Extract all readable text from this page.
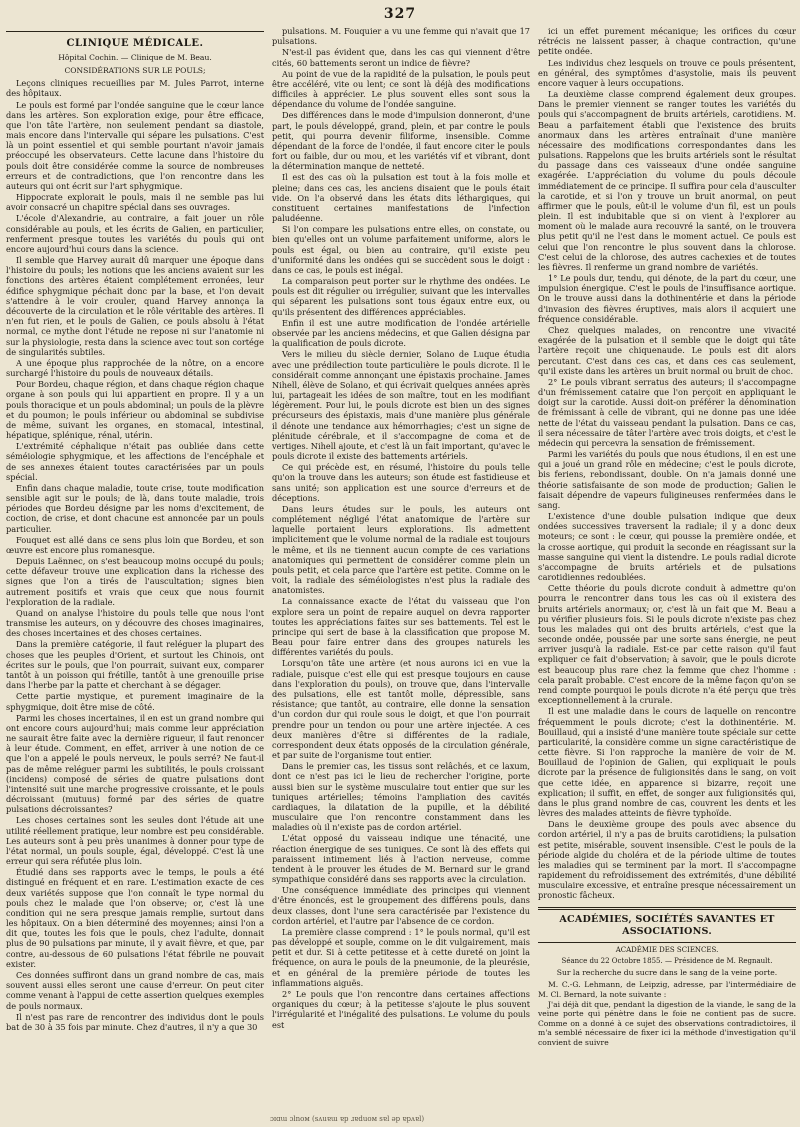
327
CLINIQUE MÉDICALE.
Hôpital Cochin. — Clinique de M. Beau.
CONSIDÉRATIONS SUR LE POULS;

Leçons cliniques recueillies par M. Jules Parrot, interne des hôpitaux.

Le pouls est formé par l'ondée sanguine que le cœur lance dans les artères. Son exploration exige, pour être efficace, que l'on tâte l'artère, non seulement pendant sa diastole, mais encore dans l'intervalle qui sépare les pulsations. C'est là un point essentiel et qui semble pourtant n'avoir jamais préoccupé les observateurs. Cette lacune dans l'histoire du pouls doit être considérée comme la source de nombreuses erreurs et de contradictions, que l'on rencontre dans les auteurs qui ont écrit sur l'art sphygmique.

Hippocrate explorait le pouls, mais il ne semble pas lui avoir consacré un chapitre spécial dans ses ouvrages.

L'école d'Alexandrie, au contraire, a fait jouer un rôle considérable au pouls, et les écrits de Galien, en particulier, renferment presque toutes les variétés du pouls qui ont encore aujourd'hui cours dans la science.

Il semble que Harvey aurait dû marquer une époque dans l'histoire du pouls; les notions que les anciens avaient sur les fonctions des artères étaient complétement erronées, leur édifice sphygmique péchait donc par la base, et l'on devait s'attendre à le voir crouler, quand Harvey annonça la découverte de la circulation et le rôle véritable des artères. Il n'en fut rien, et le pouls de Galien, ce pouls absolu à l'état normal, ce mythe dont l'étude ne repose ni sur l'anatomie ni sur la physiologie, resta dans la science avec tout son cortége de singularités subtiles.

A une époque plus rapprochée de la nôtre, on a encore surchargé l'histoire du pouls de nouveaux détails.

Pour Bordeu, chaque région, et dans chaque région chaque organe à son pouls qui lui appartient en propre. Il y a un pouls thoracique et un pouls abdominal; un pouls de la plèvre et du poumon; le pouls inférieur ou abdominal se subdivise de même, suivant les organes, en stomacal, intestinal, hépatique, splénique, rénal, utérin.

L'extrémité céphalique n'était pas oubliée dans cette séméiologie sphygmique, et les affections de l'encéphale et de ses annexes étaient toutes caractérisées par un pouls spécial.

Enfin dans chaque maladie, toute crise, toute modification sensible agit sur le pouls; de là, dans toute maladie, trois périodes que Bordeu désigne par les noms d'excitement, de coction, de crise, et dont chacune est annoncée par un pouls particulier.

Fouquet est allé dans ce sens plus loin que Bordeu, et son œuvre est encore plus romanesque.

Depuis Laënnec, on s'est beaucoup moins occupé du pouls; cette défaveur trouve une explication dans la richesse des signes que l'on a tirés de l'auscultation; signes bien autrement positifs et vrais que ceux que nous fournit l'exploration de la radiale.

Quand on analyse l'histoire du pouls telle que nous l'ont transmise les auteurs, on y découvre des choses imaginaires, des choses incertaines et des choses certaines.

Dans la première catégorie, il faut reléguer la plupart des choses que les peuples d'Orient, et surtout les Chinois, ont écrites sur le pouls, que l'on pourrait, suivant eux, comparer tantôt à un poisson qui frétille, tantôt à une grenouille prise dans l'herbe par la patte et cherchant à se dégager.

Cette partie mystique, et purement imaginaire de la sphygmique, doit être mise de côté.

Parmi les choses incertaines, il en est un grand nombre qui ont encore cours aujourd'hui; mais comme leur appréciation ne saurait être faite avec la dernière rigueur, il faut renoncer à leur étude. Comment, en effet, arriver à une notion de ce que l'on a appelé le pouls nerveux, le pouls serré? Ne faut-il pas de même reléguer parmi les subtilités, le pouls croissant (incidens) composé de séries de quatre pulsations dont l'intensité suit une marche progressive croissante, et le pouls décroissant (mutuus) formé par des séries de quatre pulsations décroissantes?

Les choses certaines sont les seules dont l'étude ait une utilité réellement pratique, leur nombre est peu considérable. Les auteurs sont à peu près unanimes à donner pour type de l'état normal, un pouls souple, égal, développé. C'est là une erreur qui sera réfutée plus loin.

Étudié dans ses rapports avec le temps, le pouls a été distingué en fréquent et en rare. L'estimation exacte de ces deux variétés suppose que l'on connaît le type normal du pouls chez le malade que l'on observe; or, c'est là une condition qui ne sera presque jamais remplie, surtout dans les hôpitaux. On a bien déterminé des moyennes; ainsi l'on a dit que, toutes les fois que le pouls, chez l'adulte, donnait plus de 90 pulsations par minute, il y avait fièvre, et que, par contre, au-dessous de 60 pulsations l'état fébrile ne pouvait exister.

Ces données suffiront dans un grand nombre de cas, mais souvent aussi elles seront une cause d'erreur. On peut citer comme venant à l'appui de cette assertion quelques exemples de pouls normaux.

Il n'est pas rare de rencontrer des individus dont le pouls bat de 30 à 35 fois par minute. Chez d'autres, il n'y a que 30

pulsations. M. Fouquier a vu une femme qui n'avait que 17 pulsations.

N'est-il pas évident que, dans les cas qui viennent d'être cités, 60 battements seront un indice de fièvre?

Au point de vue de la rapidité de la pulsation, le pouls peut être accéléré, vite ou lent; ce sont là déjà des modifications difficiles à apprécier. Le plus souvent elles sont sous la dépendance du volume de l'ondée sanguine.

Des différences dans le mode d'impulsion donneront, d'une part, le pouls développé, grand, plein, et par contre le pouls petit, qui pourra devenir filiforme, insensible. Comme dépendant de la force de l'ondée, il faut encore citer le pouls fort ou faible, dur ou mou, et les variétés vif et vibrant, dont la détermination manque de netteté.

Il est des cas où la pulsation est tout à la fois molle et pleine; dans ces cas, les anciens disaient que le pouls était vide. On l'a observé dans les états dits léthargiques, qui constituent certaines manifestations de l'infection paludéenne.

Si l'on compare les pulsations entre elles, on constate, ou bien qu'elles ont un volume parfaitement uniforme, alors le pouls est égal, ou bien au contraire, qu'il existe peu d'uniformité dans les ondées qui se succèdent sous le doigt : dans ce cas, le pouls est inégal.

La comparaison peut porter sur le rhythme des ondées. Le pouls est dit régulier ou irrégulier, suivant que les intervalles qui séparent les pulsations sont tous égaux entre eux, ou qu'ils présentent des différences appréciables.

Enfin il est une autre modification de l'ondée artérielle observée par les anciens médecins, et que Galien désigna par la qualification de pouls dicrote.

Vers le milieu du siècle dernier, Solano de Luque étudia avec une prédilection toute particulière le pouls dicrote. Il le considérait comme annonçant une épistaxis prochaine. James Nihell, élève de Solano, et qui écrivait quelques années après lui, partageait les idées de son maître, tout en les modifiant légèrement. Pour lui, le pouls dicrote est bien un des signes précurseurs des épistaxis, mais d'une manière plus générale il dénote une tendance aux hémorrhagies; c'est un signe de plénitude cérébrale, et il s'accompagne de coma et de vertiges. Nihell ajoute, et c'est là un fait important, qu'avec le pouls dicrote il existe des battements artériels.

Ce qui précède est, en résumé, l'histoire du pouls telle qu'on la trouve dans les auteurs; son étude est fastidieuse et sans unité; son application est une source d'erreurs et de déceptions.

Dans leurs études sur le pouls, les auteurs ont complétement négligé l'état anatomique de l'artère sur laquelle portaient leurs explorations. Ils admettent implicitement que le volume normal de la radiale est toujours le même, et ils ne tiennent aucun compte de ces variations anatomiques qui permettent de considérer comme plein un pouls petit, et cela parce que l'artère est petite. Comme on le voit, la radiale des séméiologistes n'est plus la radiale des anatomistes.

La connaissance exacte de l'état du vaisseau que l'on explore sera un point de repaire auquel on devra rapporter toutes les appréciations faites sur ses battements. Tel est le principe qui sert de base à la classification que propose M. Beau pour faire entrer dans des groupes naturels les différentes variétés du pouls.

Lorsqu'on tâte une artère (et nous aurons ici en vue la radiale, puisque c'est elle qui est presque toujours en cause dans l'exploration du pouls), on trouve que, dans l'intervalle des pulsations, elle est tantôt molle, dépressible, sans résistance; que tantôt, au contraire, elle donne la sensation d'un cordon dur qui roule sous le doigt, et que l'on pourrait prendre pour un tendon ou pour une artère injectée. A ces deux manières d'être si différentes de la radiale, correspondent deux états opposés de la circulation générale, et par suite de l'organisme tout entier.

Dans le premier cas, les tissus sont relâchés, et ce laxum, dont ce n'est pas ici le lieu de rechercher l'origine, porte aussi bien sur le système musculaire tout entier que sur les tuniques artérielles; témoins l'ampliation des cavités cardiaques, la dilatation de la pupille, et la débilité musculaire que l'on rencontre constamment dans les maladies où il n'existe pas de cordon artériel.

L'état opposé du vaisseau indique une ténacité, une réaction énergique de ses tuniques. Ce sont là des effets qui paraissent intimement liés à l'action nerveuse, comme tendent à le prouver les études de M. Bernard sur le grand sympathique considéré dans ses rapports avec la circulation.

Une conséquence immédiate des principes qui viennent d'être énoncés, est le groupement des différens pouls, dans deux classes, dont l'une sera caractérisée par l'existence du cordon artériel, et l'autre par l'absence de ce cordon.

La première classe comprend : 1° le pouls normal, qu'il est pas développé et souple, comme on le dit vulgairement, mais petit et dur. Si à cette petitesse et à cette dureté on joint la fréquence, on aura le pouls de la pneumonie, de la pleurésie, et en général de la première période de toutes les inflammations aiguës.

2° Le pouls que l'on rencontre dans certaines affections organiques du cœur; à la petitesse s'ajoute le plus souvent l'irrégularité et l'inégalité des pulsations. Le volume du pouls est

ici un effet purement mécanique; les orifices du cœur rétrécis ne laissent passer, à chaque contraction, qu'une petite ondée.

Les individus chez lesquels on trouve ce pouls présentent, en général, des symptômes d'asystolie, mais ils peuvent encore vaquer à leurs occupations.

La deuxième classe comprend également deux groupes. Dans le premier viennent se ranger toutes les variétés du pouls qui s'accompagnent de bruits artériels, carotidiens. M. Beau a parfaitement établi que l'existence des bruits anormaux dans les artères entraînait d'une manière nécessaire des modifications correspondantes dans les pulsations. Rappelons que les bruits artériels sont le résultat du passage dans ces vaisseaux d'une ondée sanguine exagérée. L'appréciation du volume du pouls découle immédiatement de ce principe. Il suffira pour cela d'ausculter la carotide, et si l'on y trouve un bruit anormal, on peut affirmer que le pouls, eût-il le volume d'un fil, est un pouls plein. Il est indubitable que si on vient à l'explorer au moment où le malade aura recouvré la santé, on le trouvera plus petit qu'il ne l'est dans le moment actuel. Ce pouls est celui que l'on rencontre le plus souvent dans la chlorose. C'est celui de la chlorose, des autres cachexies et de toutes les fièvres. Il renferme un grand nombre de variétés.

1° Le pouls dur, tendu, qui dénote, de la part du cœur, une impulsion énergique. C'est le pouls de l'insuffisance aortique. On le trouve aussi dans la dothinentérie et dans la période d'invasion des fièvres éruptives, mais alors il acquiert une fréquence considérable.

Chez quelques malades, on rencontre une vivacité exagérée de la pulsation et il semble que le doigt qui tâte l'artère reçoit une chiquenaude. Le pouls est dit alors percutant. C'est dans ces cas, et dans ces cas seulement, qu'il existe dans les artères un bruit normal ou bruit de choc.

2° Le pouls vibrant serratus des auteurs; il s'accompagne d'un frémissement cataire que l'on perçoit en appliquant le doigt sur la carotide. Aussi doit-on préférer la dénomination de frémissant à celle de vibrant, qui ne donne pas une idée nette de l'état du vaisseau pendant la pulsation. Dans ce cas, il sera nécessaire de tâter l'artère avec trois doigts, et c'est le médecin qui percevra la sensation de frémissement.

Parmi les variétés du pouls que nous étudions, il en est une qui a joué un grand rôle en médecine; c'est le pouls dicrote, bis feriens, rebondissant, double. On n'a jamais donné une théorie satisfaisante de son mode de production; Galien le faisait dépendre de vapeurs fuligineuses renfermées dans le sang.

L'existence d'une double pulsation indique que deux ondées successives traversent la radiale; il y a donc deux moteurs; ce sont : le cœur, qui pousse la première ondée, et la crosse aortique, qui produit la seconde en réagissant sur la masse sanguine qui vient la distendre. Le pouls radial dicrote s'accompagne de bruits artériels et de pulsations carotidiennes redoublées.

Cette théorie du pouls dicrote conduit à admettre qu'on pourra le rencontrer dans tous les cas où il existera des bruits artériels anormaux; or, c'est là un fait que M. Beau a pu vérifier plusieurs fois. Si le pouls dicrote n'existe pas chez tous les malades qui ont des bruits artériels, c'est que la seconde ondée, poussée par une sorte sans énergie, ne peut arriver jusqu'à la radiale. Est-ce par cette raison qu'il faut expliquer ce fait d'observation; à savoir, que le pouls dicrote est beaucoup plus rare chez la femme que chez l'homme : cela paraît probable. C'est encore de la même façon qu'on se rend compte pourquoi le pouls dicrote n'a été perçu que très exceptionnellement à la crurale.

Il est une maladie dans le cours de laquelle on rencontre fréquemment le pouls dicrote; c'est la dothinentérie. M. Bouillaud, qui a insisté d'une manière toute spéciale sur cette particularité, la considère comme un signe caractéristique de cette fièvre. Si l'on rapproche la manière de voir de M. Bouillaud de l'opinion de Galien, qui expliquait le pouls dicrote par la présence de fuligionsités dans le sang, on voit que cette idée, en apparence si bizarre, reçoit une explication; il suffit, en effet, de songer aux fuligionsités qui, dans le plus grand nombre de cas, couvrent les dents et les lèvres des malades atteints de fièvre typhoïde.

Dans le deuxième groupe des pouls avec absence du cordon artériel, il n'y a pas de bruits carotidiens; la pulsation est petite, misérable, souvent insensible. C'est le pouls de la période algide du choléra et de la période ultime de toutes les maladies qui se terminent par la mort. Il s'accompagne rapidement du refroidissement des extrémités, d'une débilité musculaire excessive, et entraîne presque nécessairement un pronostic fâcheux.

ACADÉMIES, SOCIÉTÉS SAVANTES ET ASSOCIATIONS.
ACADÉMIE DES SCIENCES.
Séance du 22 Octobre 1855. — Présidence de M. Regnault.
Sur la recherche du sucre dans le sang de la veine porte.

M. C.-G. Lehmann, de Leipzig, adresse, par l'intermédiaire de M. Cl. Bernard, la note suivante :

J'ai déjà dit que, pendant la digestion de la viande, le sang de la veine porte qui pénètre dans le foie ne contient pas de sucre. Comme on a donné à ce sujet des observations contradictoires, il m'a semblé nécessaire de fixer ici la méthode d'investigation qu'il convient de suivre

ɔɪɑɯ ɔlnoᴍ (sʌuɐɯ ɐp ɹɐduoᴍ sɐl ǝp ɐpʌɐl)
